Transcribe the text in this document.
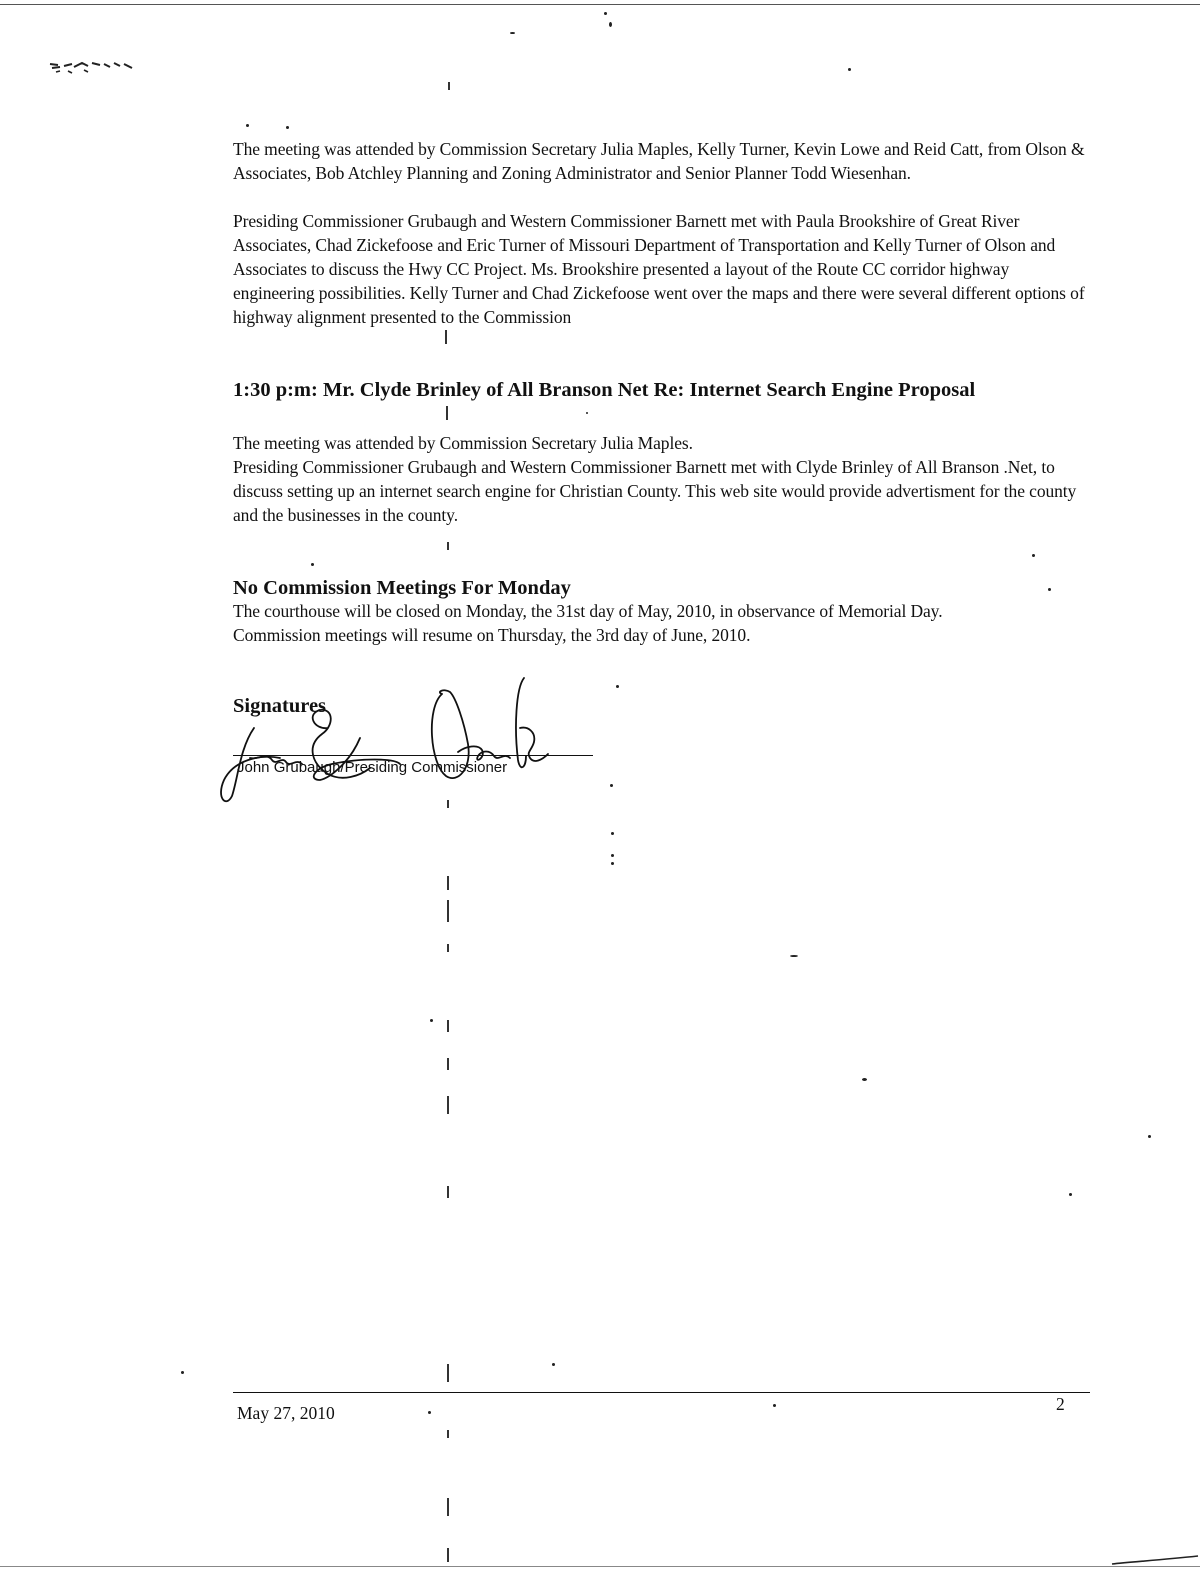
The meeting was attended by Commission Secretary Julia Maples, Kelly Turner, Kevin Lowe and Reid Catt, from Olson & Associates, Bob Atchley Planning and Zoning Administrator and Senior Planner Todd Wiesenhan.

Presiding Commissioner Grubaugh and Western Commissioner Barnett met with Paula Brookshire of Great River Associates, Chad Zickefoose and Eric Turner of Missouri Department of Transportation and Kelly Turner of Olson and Associates to discuss the Hwy CC Project. Ms. Brookshire presented a layout of the Route CC corridor highway engineering possibilities. Kelly Turner and Chad Zickefoose went over the maps and there were several different options of highway alignment presented to the Commission

1:30 p:m: Mr. Clyde Brinley of All Branson Net Re: Internet Search Engine Proposal

The meeting was attended by Commission Secretary Julia Maples.

Presiding Commissioner Grubaugh and Western Commissioner Barnett met with Clyde Brinley of All Branson .Net, to discuss setting up an internet search engine for Christian County. This web site would provide advertisment for the county and the businesses in the county.

No Commission Meetings For Monday

The courthouse will be closed on Monday, the 31st day of May, 2010, in observance of Memorial Day.

Commission meetings will resume on Thursday, the 3rd day of June, 2010.

Signatures
John Grubaugh/Presiding Commissioner
May 27, 2010	2
